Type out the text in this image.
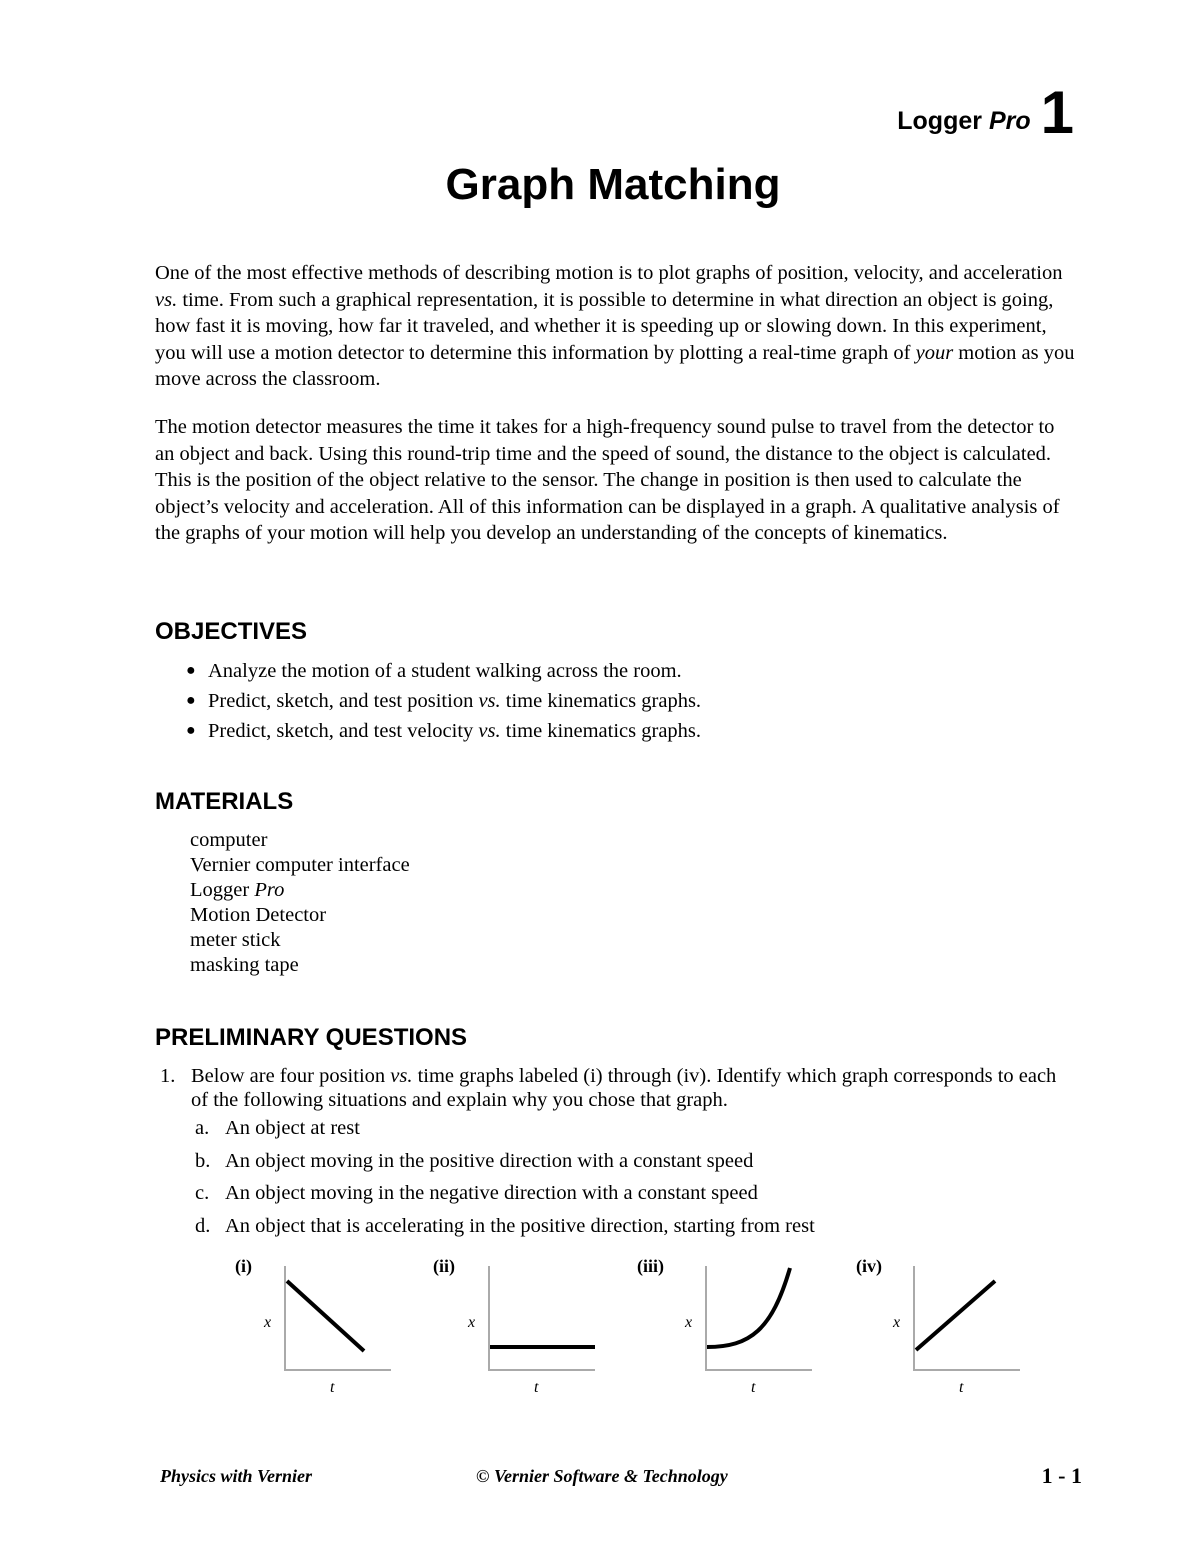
Logger Pro 1
Graph Matching

One of the most effective methods of describing motion is to plot graphs of position, velocity, and acceleration vs. time. From such a graphical representation, it is possible to determine in what direction an object is going, how fast it is moving, how far it traveled, and whether it is speeding up or slowing down. In this experiment, you will use a motion detector to determine this information by plotting a real-time graph of your motion as you move across the classroom.

The motion detector measures the time it takes for a high-frequency sound pulse to travel from the detector to an object and back. Using this round-trip time and the speed of sound, the distance to the object is calculated. This is the position of the object relative to the sensor. The change in position is then used to calculate the object’s velocity and acceleration. All of this information can be displayed in a graph. A qualitative analysis of the graphs of your motion will help you develop an understanding of the concepts of kinematics.

OBJECTIVES
● Analyze the motion of a student walking across the room.
● Predict, sketch, and test position vs. time kinematics graphs.
● Predict, sketch, and test velocity vs. time kinematics graphs.
MATERIALS
computer
Vernier computer interface
Logger Pro
Motion Detector
meter stick
masking tape
PRELIMINARY QUESTIONS
1. Below are four position vs. time graphs labeled (i) through (iv). Identify which graph corresponds to each of the following situations and explain why you chose that graph.
a. An object at rest
b. An object moving in the positive direction with a constant speed
c. An object moving in the negative direction with a constant speed
d. An object that is accelerating in the positive direction, starting from rest
(i)
x
t
(ii)
x
t
(iii)
x
t
(iv)
x
t
Physics with Vernier	© Vernier Software & Technology	1 - 1
